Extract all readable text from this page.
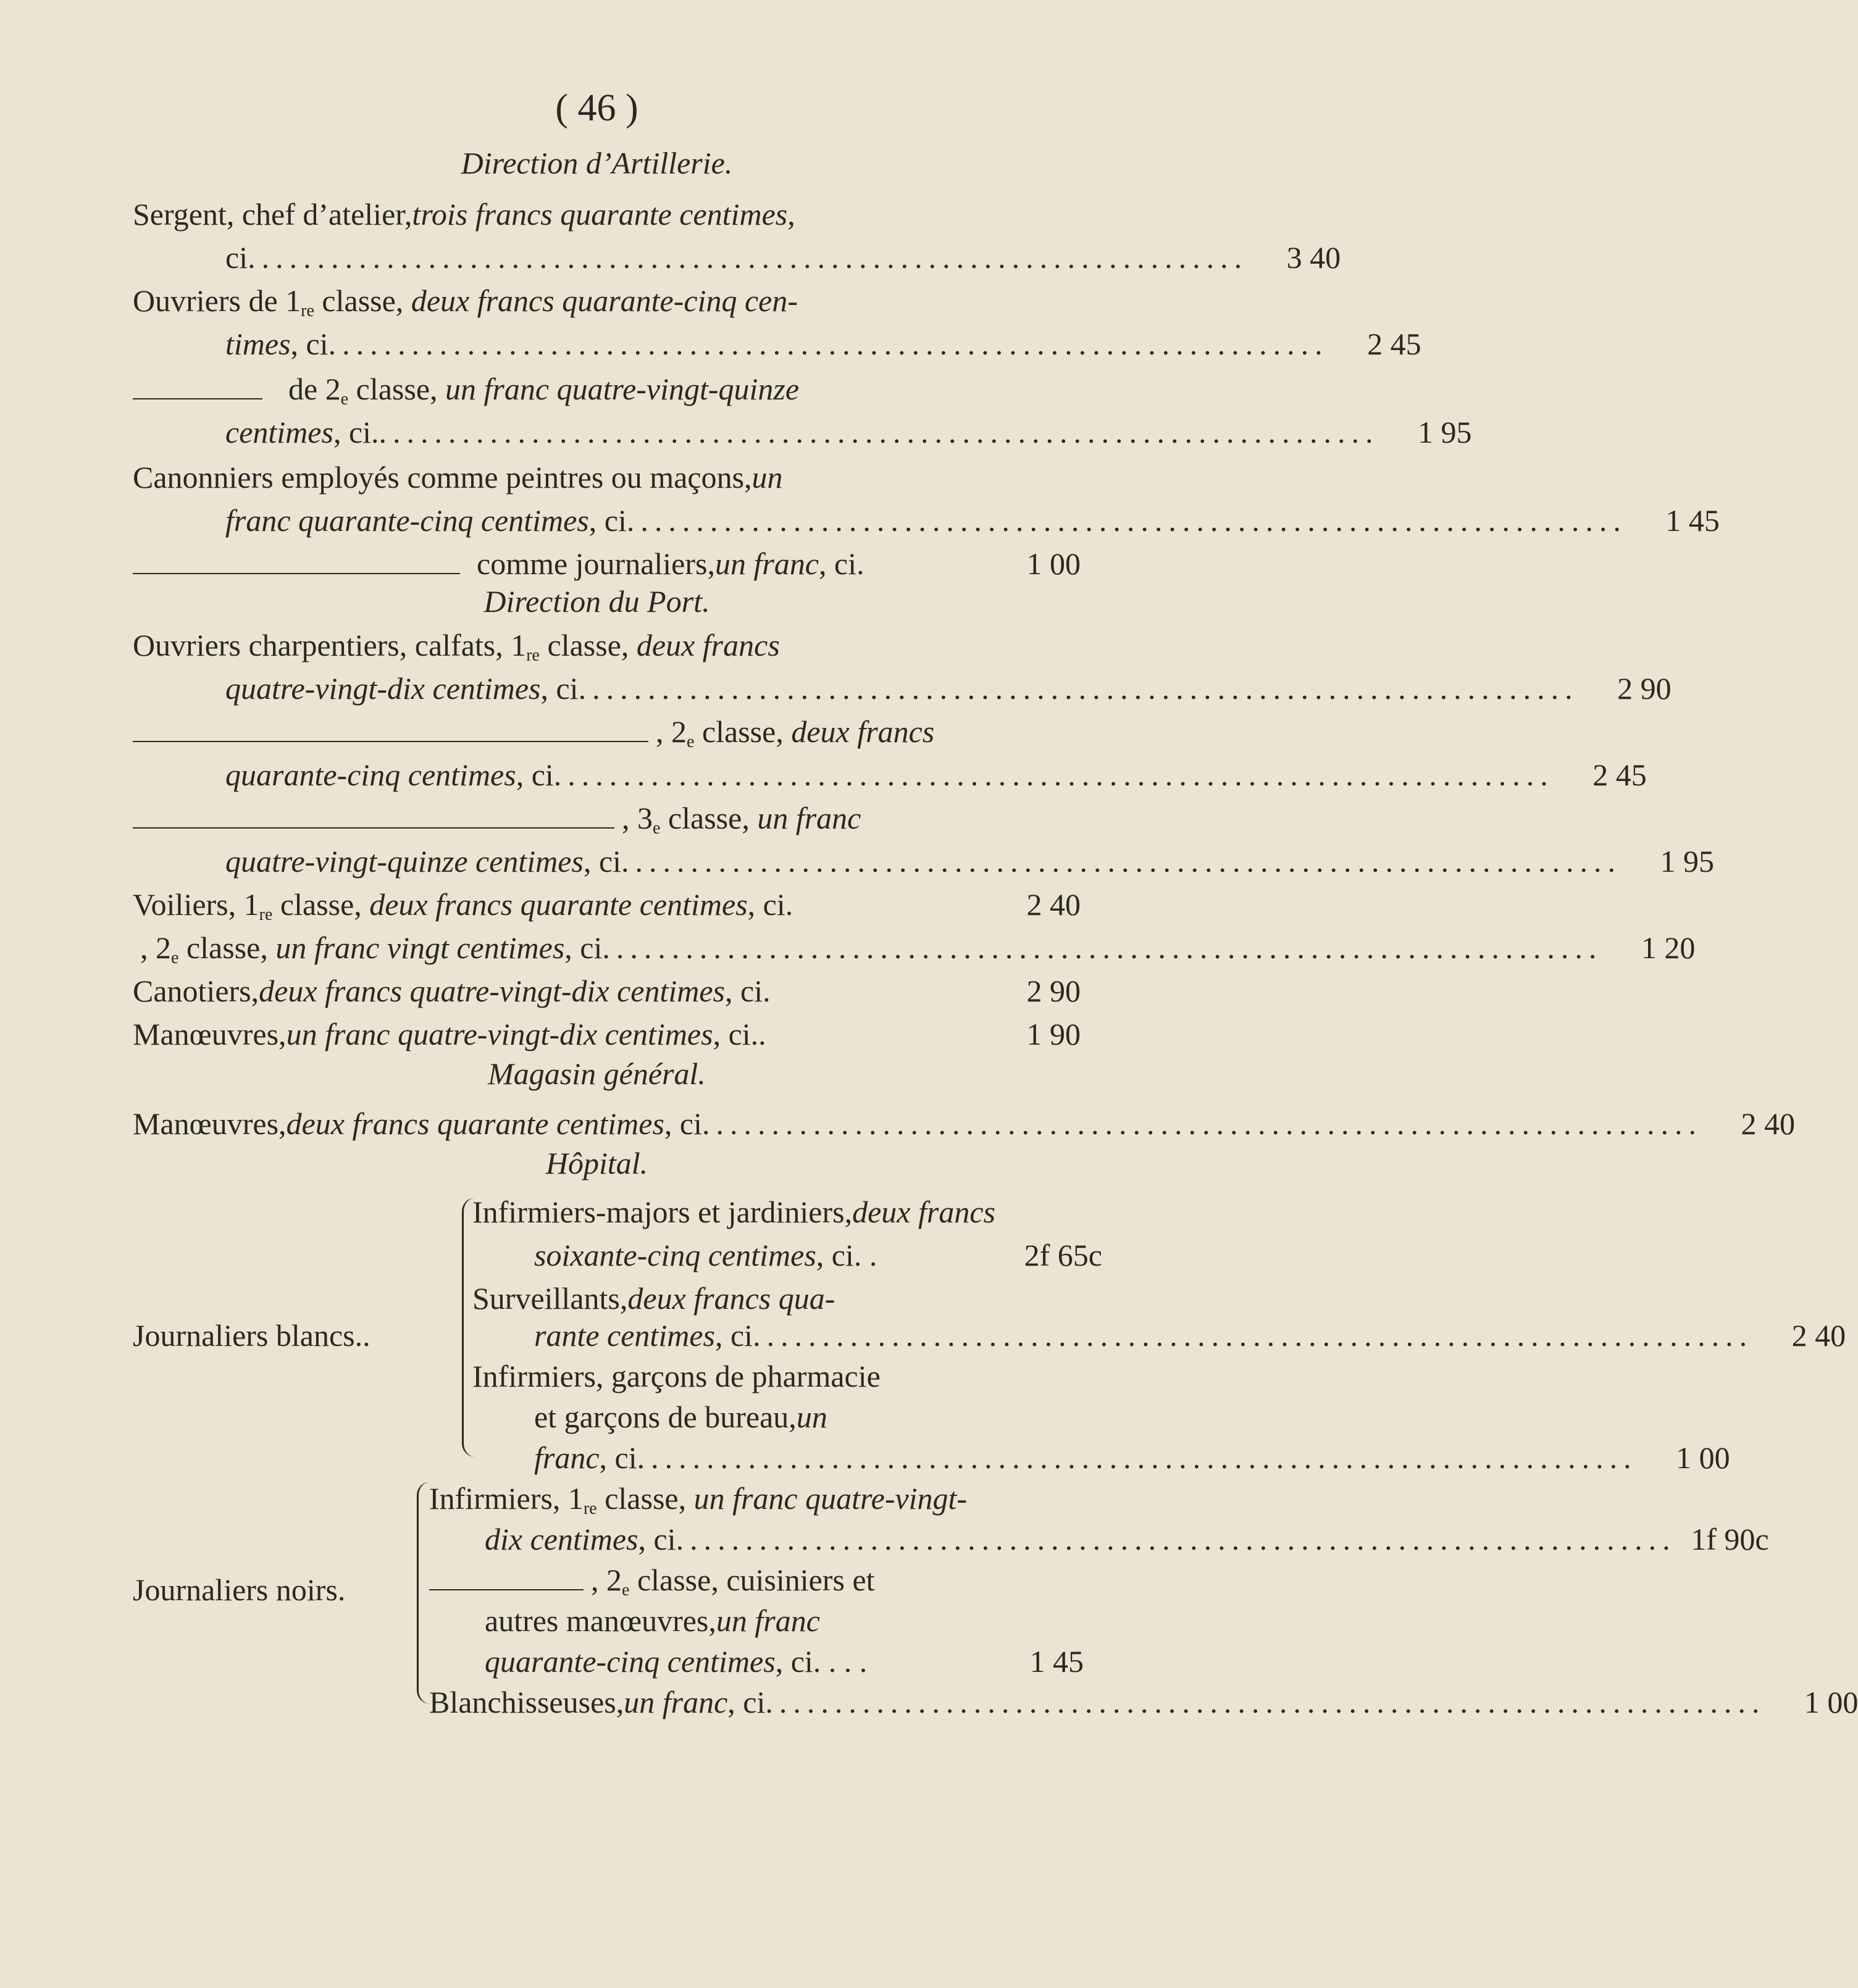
( 46 )
Direction d’Artillerie.
Sergent, chef d’atelier, trois francs quarante centimes ,
ci ........................................................................	3 40
Ouvriers de 1re classe, deux francs quarante-cinq cen-
times , ci ........................................................................	2 45
de 2e classe, un franc quatre-vingt-quinze
centimes , ci. ........................................................................	1 95
Canonniers employés comme peintres ou maçons, un
franc quarante-cinq centimes , ci ........................................................................	1 45
comme journaliers, un franc , ci.	1 00
Direction du Port.
Ouvriers charpentiers, calfats, 1re classe, deux francs
quatre-vingt-dix centimes , ci ........................................................................	2 90
, 2e classe, deux francs
quarante-cinq centimes , ci ........................................................................	2 45
, 3e classe, un franc
quatre-vingt-quinze centimes , ci ........................................................................	1 95
Voiliers, 1re classe, deux francs quarante centimes , ci.	2 40
, 2e classe, un franc vingt centimes , ci ........................................................................	1 20
Canotiers, deux francs quatre-vingt-dix centimes , ci.	2 90
Manœuvres, un franc quatre-vingt-dix centimes , ci..	1 90
Magasin général.
Manœuvres, deux francs quarante centimes , ci ........................................................................	2 40
Hôpital.
Journaliers blancs..
Infirmiers-majors et jardiniers, deux francs
soixante-cinq centimes , ci. .	2f 65c
Surveillants, deux francs qua-
rante centimes , ci ........................................................................	2 40
Infirmiers, garçons de pharmacie
et garçons de bureau, un
franc , ci ........................................................................	1 00
Journaliers noirs.
Infirmiers, 1re classe, un franc quatre-vingt-
dix centimes , ci ........................................................................ 1f 90c
, 2e classe, cuisiniers et
autres manœuvres, un franc
quarante-cinq centimes , ci. . . .	1 45
Blanchisseuses, un franc , ci ........................................................................	1 00
